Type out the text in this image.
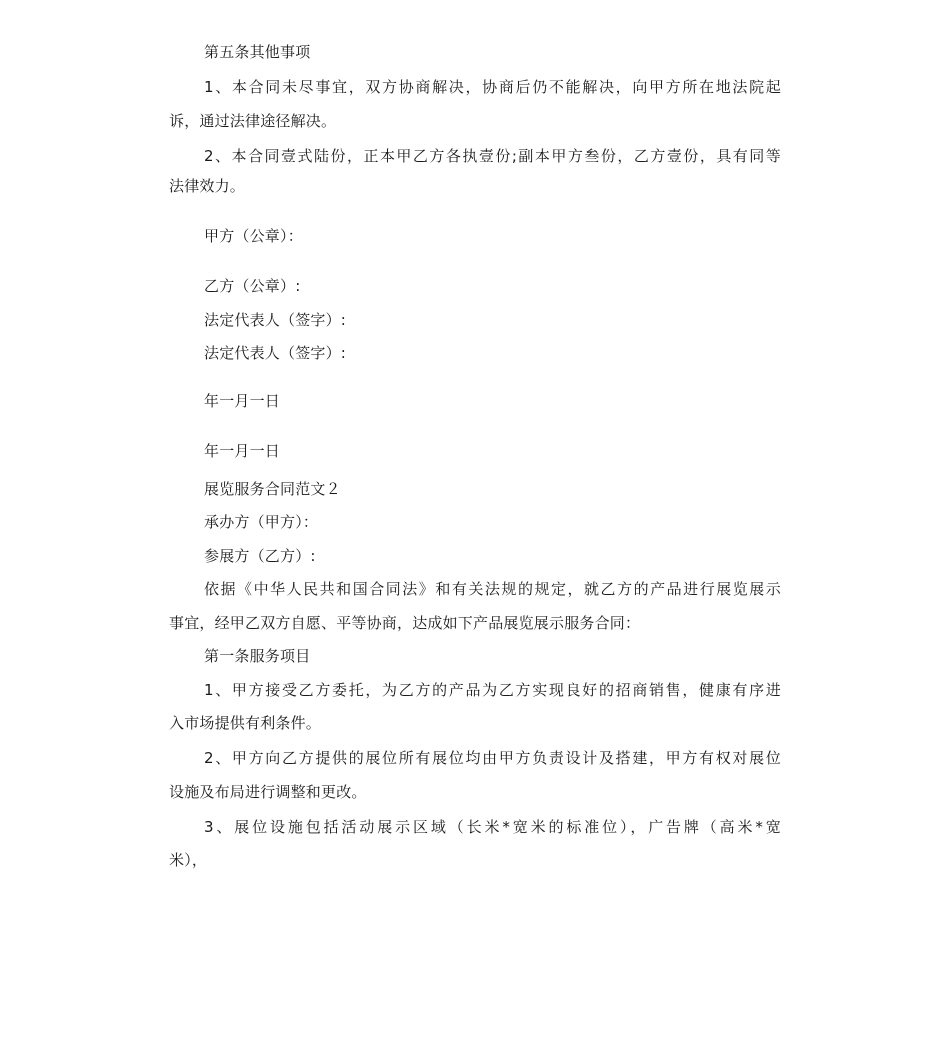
第五条其他事项
1、本合同未尽事宜，双方协商解决，协商后仍不能解决，向甲方所在地法院起
诉，通过法律途径解决。
2、本合同壹式陆份，正本甲乙方各执壹份;副本甲方叁份，乙方壹份，具有同等
法律效力。
甲方（公章）：
乙方（公章）:
法定代表人（签字）:
法定代表人（签字）:
年一月一日
年一月一日
展览服务合同范文２
承办方（甲方）：
参展方（乙方）:
依据《中华人民共和国合同法》和有关法规的规定，就乙方的产品进行展览展示
事宜，经甲乙双方自愿、平等协商，达成如下产品展览展示服务合同：
第一条服务项目
1、甲方接受乙方委托，为乙方的产品为乙方实现良好的招商销售，健康有序进
入市场提供有利条件。
2、甲方向乙方提供的展位所有展位均由甲方负责设计及搭建，甲方有权对展位
设施及布局进行调整和更改。
3、展位设施包括活动展示区域（长米*宽米的标准位），广告牌（高米*宽
米），
